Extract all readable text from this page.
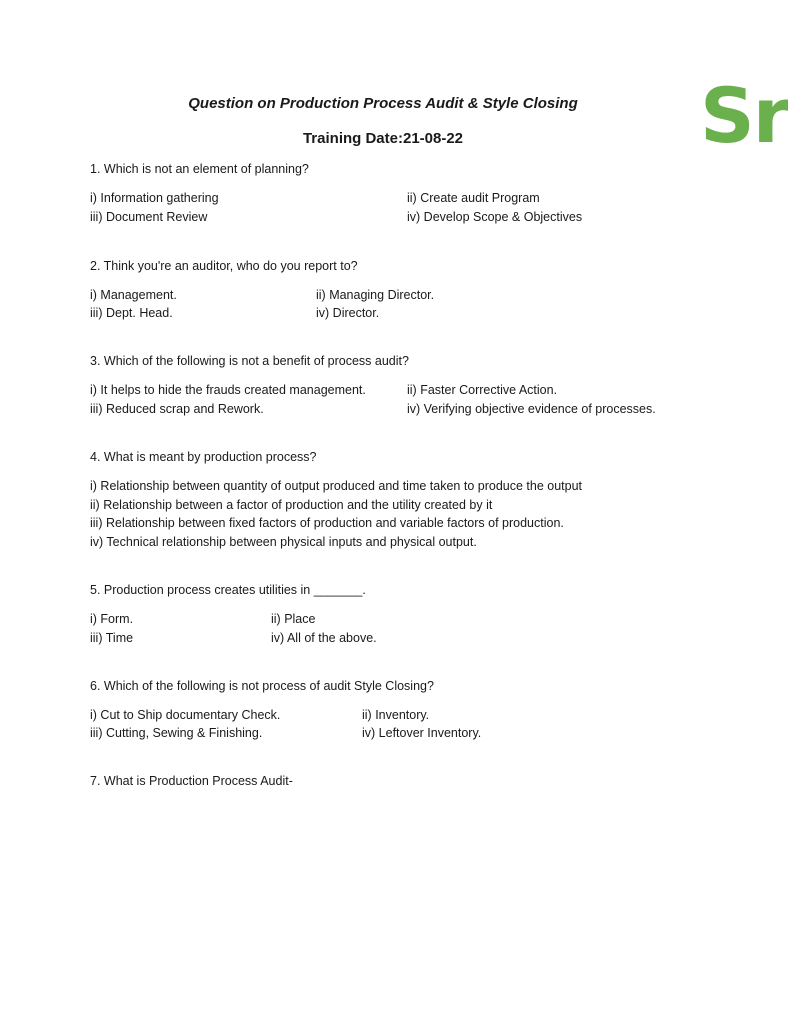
Sr
Question on Production Process Audit & Style Closing
Training Date:21-08-22
1. Which is not an element of planning?
i) Information gathering	ii) Create audit Program
iii) Document Review	iv) Develop Scope & Objectives
2. Think you're an auditor, who do you report to?
i) Management.	ii) Managing Director.
iii) Dept. Head.	iv) Director.
3. Which of the following is not a benefit of process audit?
i) It helps to hide the frauds created management.	ii) Faster Corrective Action.
iii) Reduced scrap and Rework.	iv) Verifying objective evidence of processes.
4. What is meant by production process?
i) Relationship between quantity of output produced and time taken to produce the output
ii) Relationship between a factor of production and the utility created by it
iii) Relationship between fixed factors of production and variable factors of production.
iv) Technical relationship between physical inputs and physical output.
5. Production process creates utilities in _______.
i) Form.	ii) Place
iii) Time	iv) All of the above.
6. Which of the following is not process of audit Style Closing?
i) Cut to Ship documentary Check.	ii) Inventory.
iii) Cutting, Sewing & Finishing.	iv) Leftover Inventory.
7. What is Production Process Audit-
